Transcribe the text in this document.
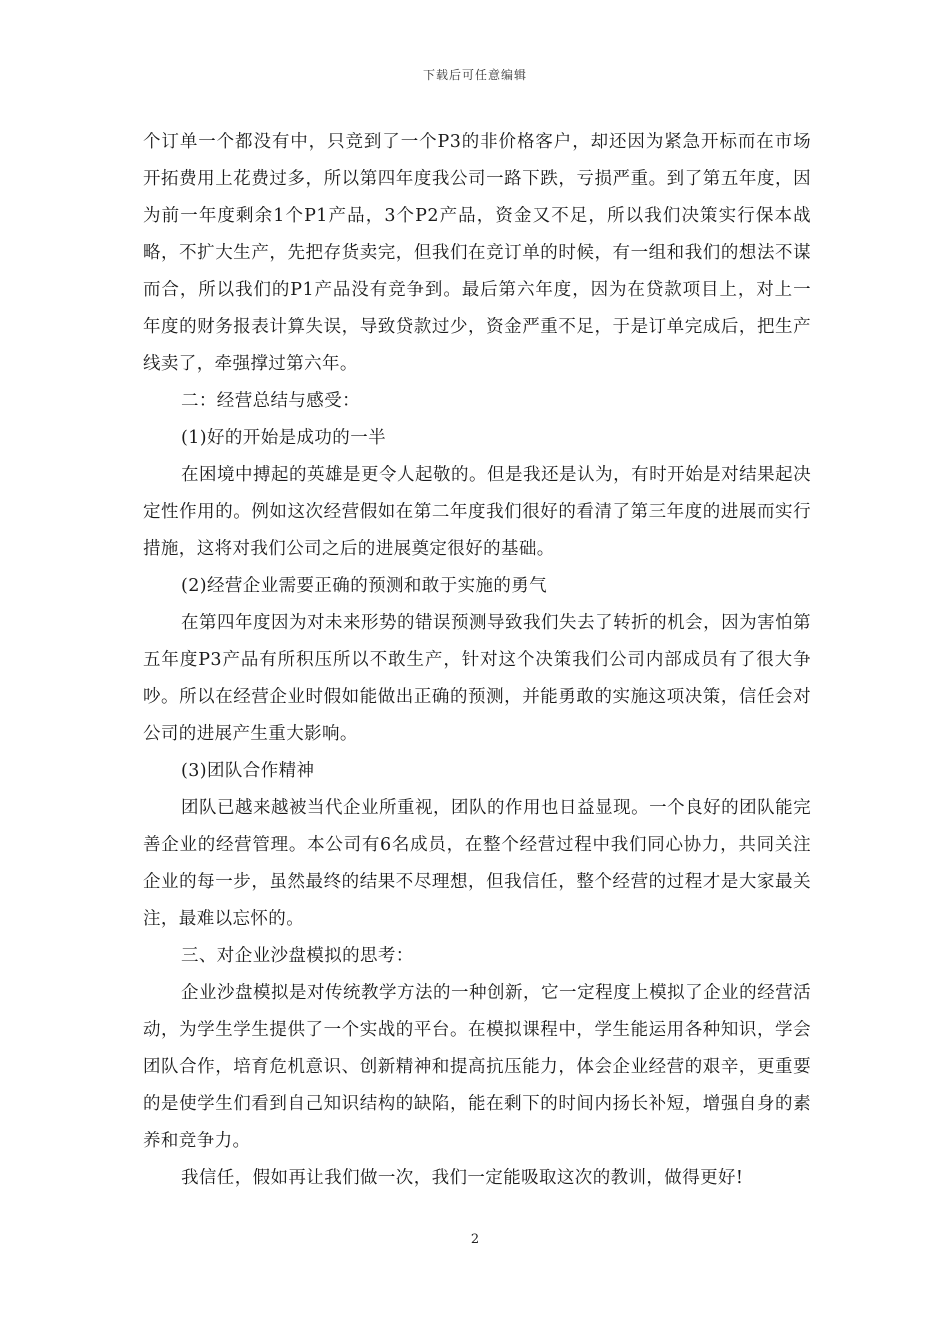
下载后可任意编辑

个订单一个都没有中，只竞到了一个P3的非价格客户，却还因为紧急开标而在市场开拓费用上花费过多，所以第四年度我公司一路下跌，亏损严重。到了第五年度，因为前一年度剩余1个P1产品，3个P2产品，资金又不足，所以我们决策实行保本战略，不扩大生产，先把存货卖完，但我们在竞订单的时候，有一组和我们的想法不谋而合，所以我们的P1产品没有竞争到。最后第六年度，因为在贷款项目上，对上一年度的财务报表计算失误，导致贷款过少，资金严重不足，于是订单完成后，把生产线卖了，牵强撑过第六年。

二：经营总结与感受：

(1)好的开始是成功的一半

在困境中搏起的英雄是更令人起敬的。但是我还是认为，有时开始是对结果起决定性作用的。例如这次经营假如在第二年度我们很好的看清了第三年度的进展而实行措施，这将对我们公司之后的进展奠定很好的基础。

(2)经营企业需要正确的预测和敢于实施的勇气

在第四年度因为对未来形势的错误预测导致我们失去了转折的机会，因为害怕第五年度P3产品有所积压所以不敢生产，针对这个决策我们公司内部成员有了很大争吵。所以在经营企业时假如能做出正确的预测，并能勇敢的实施这项决策，信任会对公司的进展产生重大影响。

(3)团队合作精神

团队已越来越被当代企业所重视，团队的作用也日益显现。一个良好的团队能完善企业的经营管理。本公司有6名成员，在整个经营过程中我们同心协力，共同关注企业的每一步，虽然最终的结果不尽理想，但我信任，整个经营的过程才是大家最关注，最难以忘怀的。

三、对企业沙盘模拟的思考：

企业沙盘模拟是对传统教学方法的一种创新，它一定程度上模拟了企业的经营活动，为学生学生提供了一个实战的平台。在模拟课程中，学生能运用各种知识，学会团队合作，培育危机意识、创新精神和提高抗压能力，体会企业经营的艰辛，更重要的是使学生们看到自己知识结构的缺陷，能在剩下的时间内扬长补短，增强自身的素养和竞争力。

我信任，假如再让我们做一次，我们一定能吸取这次的教训，做得更好!

2
